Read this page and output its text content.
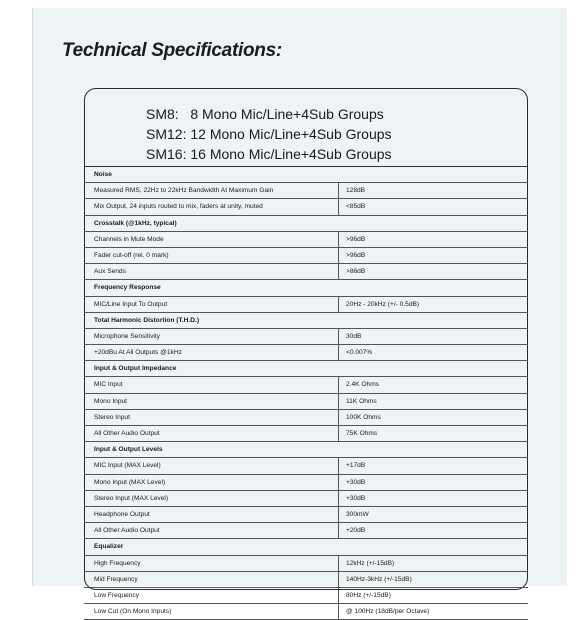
Technical Specifications:
SM8:   8 Mono Mic/Line+4Sub Groups
SM12: 12 Mono Mic/Line+4Sub Groups
SM16: 16 Mono Mic/Line+4Sub Groups
Noise
Measured RMS, 22Hz to 22kHz Bandwidth At Maximum Gain	128dB
Mix Output, 24 inputs routed to mix, faders at unity, muted	<85dB
Crosstalk (@1kHz, typical)
Channels in Mute Mode	>96dB
Fader cut-off (rel. 0 mark)	>96dB
Aux Sends	>86dB
Frequency Response
MIC/Line Input To Output	20Hz - 20kHz (+/- 0.5dB)
Total Harmonic Distortion (T.H.D.)
Microphone Sensitivity	30dB
+20dBu At All Outputs @1kHz	<0.007%
Input & Output Impedance
MIC Input	2.4K Ohms
Mono Input	11K Ohms
Stereo Input	100K Ohms
All Other Audio Output	75K Ohms
Input & Output Levels
MIC Input (MAX Level)	+17dB
Mono Input (MAX Level)	+30dB
Stereo Input (MAX Level)	+30dB
Headphone Output	300mW
All Other Audio Output	+20dB
Equalizer
High Frequency	12kHz (+/-15dB)
Mid Frequency	140Hz-3kHz (+/-15dB)
Low Frequency	80Hz (+/-15dB)
Low Cut (On Mono Inputs)	@ 100Hz (18dB/per Octave)
